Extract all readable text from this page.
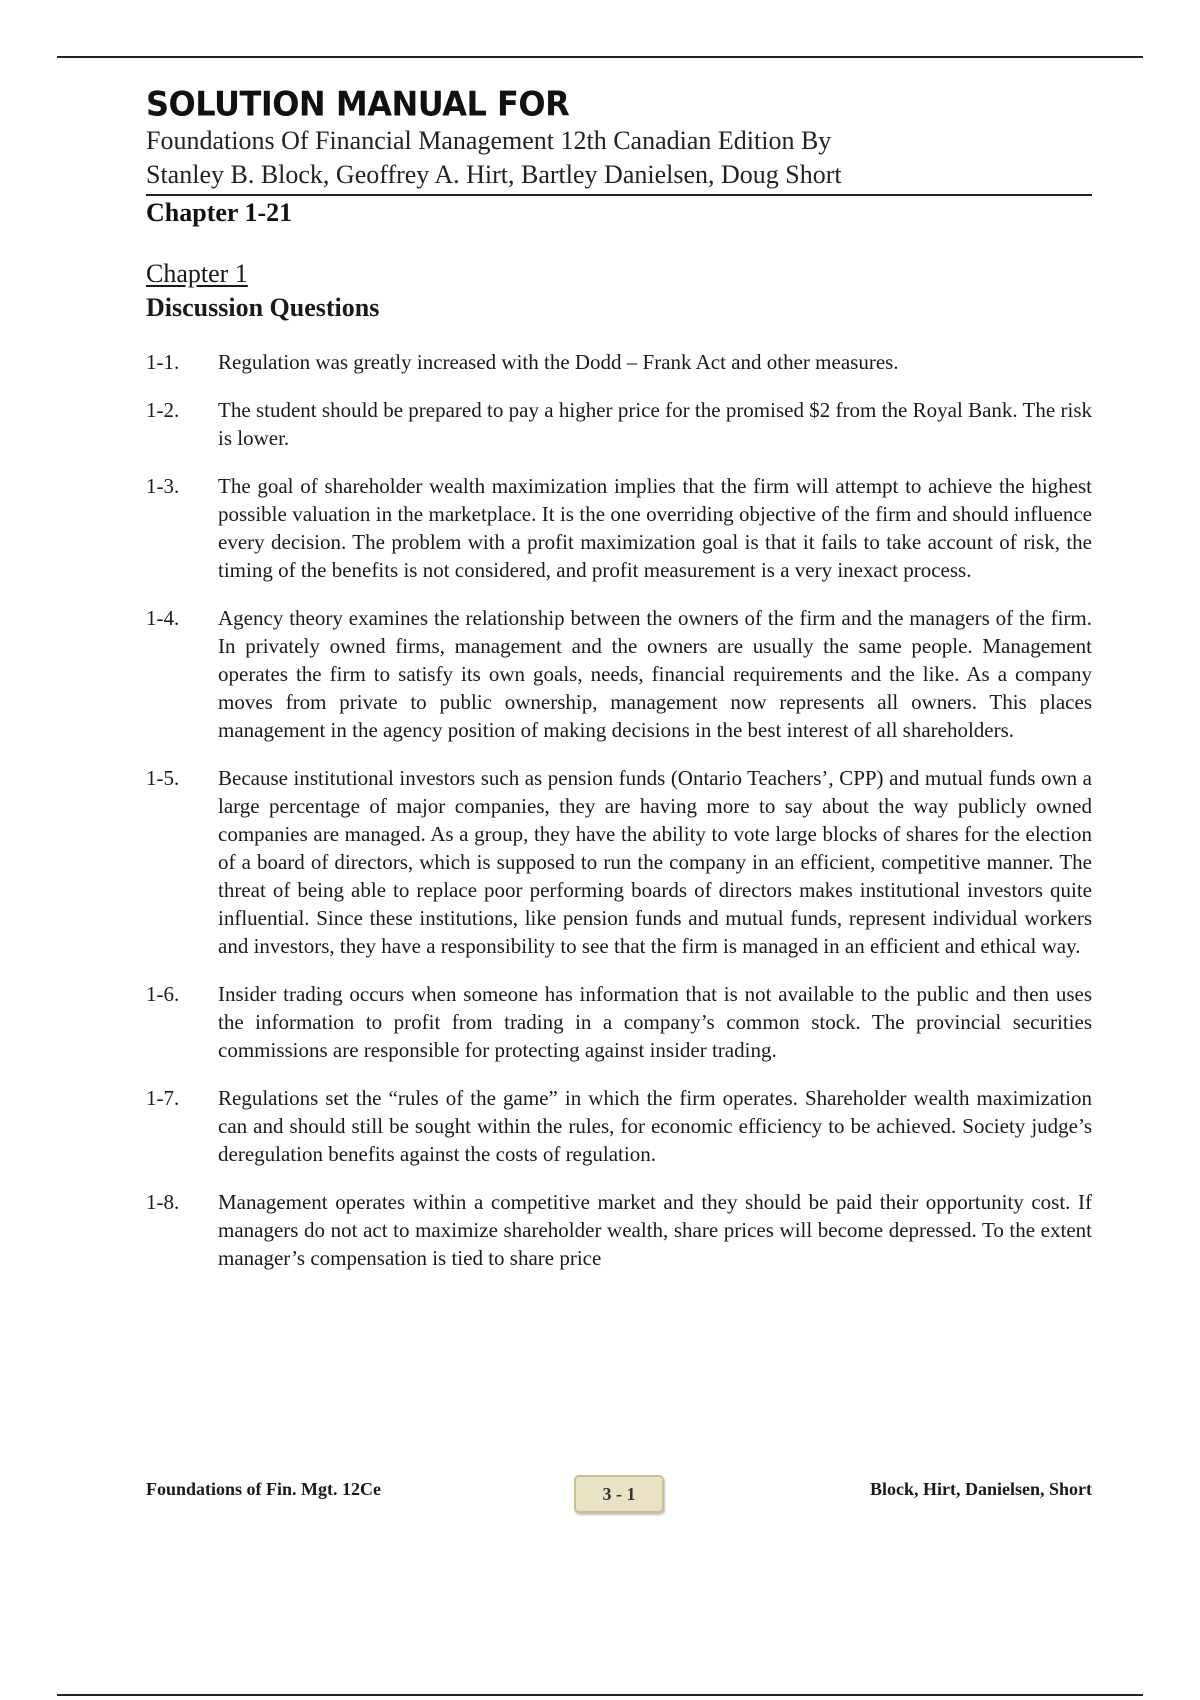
SOLUTION MANUAL FOR
Foundations Of Financial Management 12th Canadian Edition By
Stanley B. Block, Geoffrey A. Hirt, Bartley Danielsen, Doug Short
Chapter 1-21
Chapter 1
Discussion Questions
1-1.	Regulation was greatly increased with the Dodd – Frank Act and other measures.
1-2.	The student should be prepared to pay a higher price for the promised $2 from the Royal Bank. The risk is lower.
1-3.	The goal of shareholder wealth maximization implies that the firm will attempt to achieve the highest possible valuation in the marketplace. It is the one overriding objective of the firm and should influence every decision. The problem with a profit maximization goal is that it fails to take account of risk, the timing of the benefits is not considered, and profit measurement is a very inexact process.
1-4.	Agency theory examines the relationship between the owners of the firm and the managers of the firm. In privately owned firms, management and the owners are usually the same people. Management operates the firm to satisfy its own goals, needs, financial requirements and the like. As a company moves from private to public ownership, management now represents all owners. This places management in the agency position of making decisions in the best interest of all shareholders.
1-5.	Because institutional investors such as pension funds (Ontario Teachers’, CPP) and mutual funds own a large percentage of major companies, they are having more to say about the way publicly owned companies are managed. As a group, they have the ability to vote large blocks of shares for the election of a board of directors, which is supposed to run the company in an efficient, competitive manner. The threat of being able to replace poor performing boards of directors makes institutional investors quite influential. Since these institutions, like pension funds and mutual funds, represent individual workers and investors, they have a responsibility to see that the firm is managed in an efficient and ethical way.
1-6.	Insider trading occurs when someone has information that is not available to the public and then uses the information to profit from trading in a company’s common stock. The provincial securities commissions are responsible for protecting against insider trading.
1-7.	Regulations set the “rules of the game” in which the firm operates. Shareholder wealth maximization can and should still be sought within the rules, for economic efficiency to be achieved. Society judge’s deregulation benefits against the costs of regulation.
1-8.	Management operates within a competitive market and they should be paid their opportunity cost. If managers do not act to maximize shareholder wealth, share prices will become depressed. To the extent manager’s compensation is tied to share price
Foundations of Fin. Mgt. 12Ce	3 - 1	Block, Hirt, Danielsen, Short
